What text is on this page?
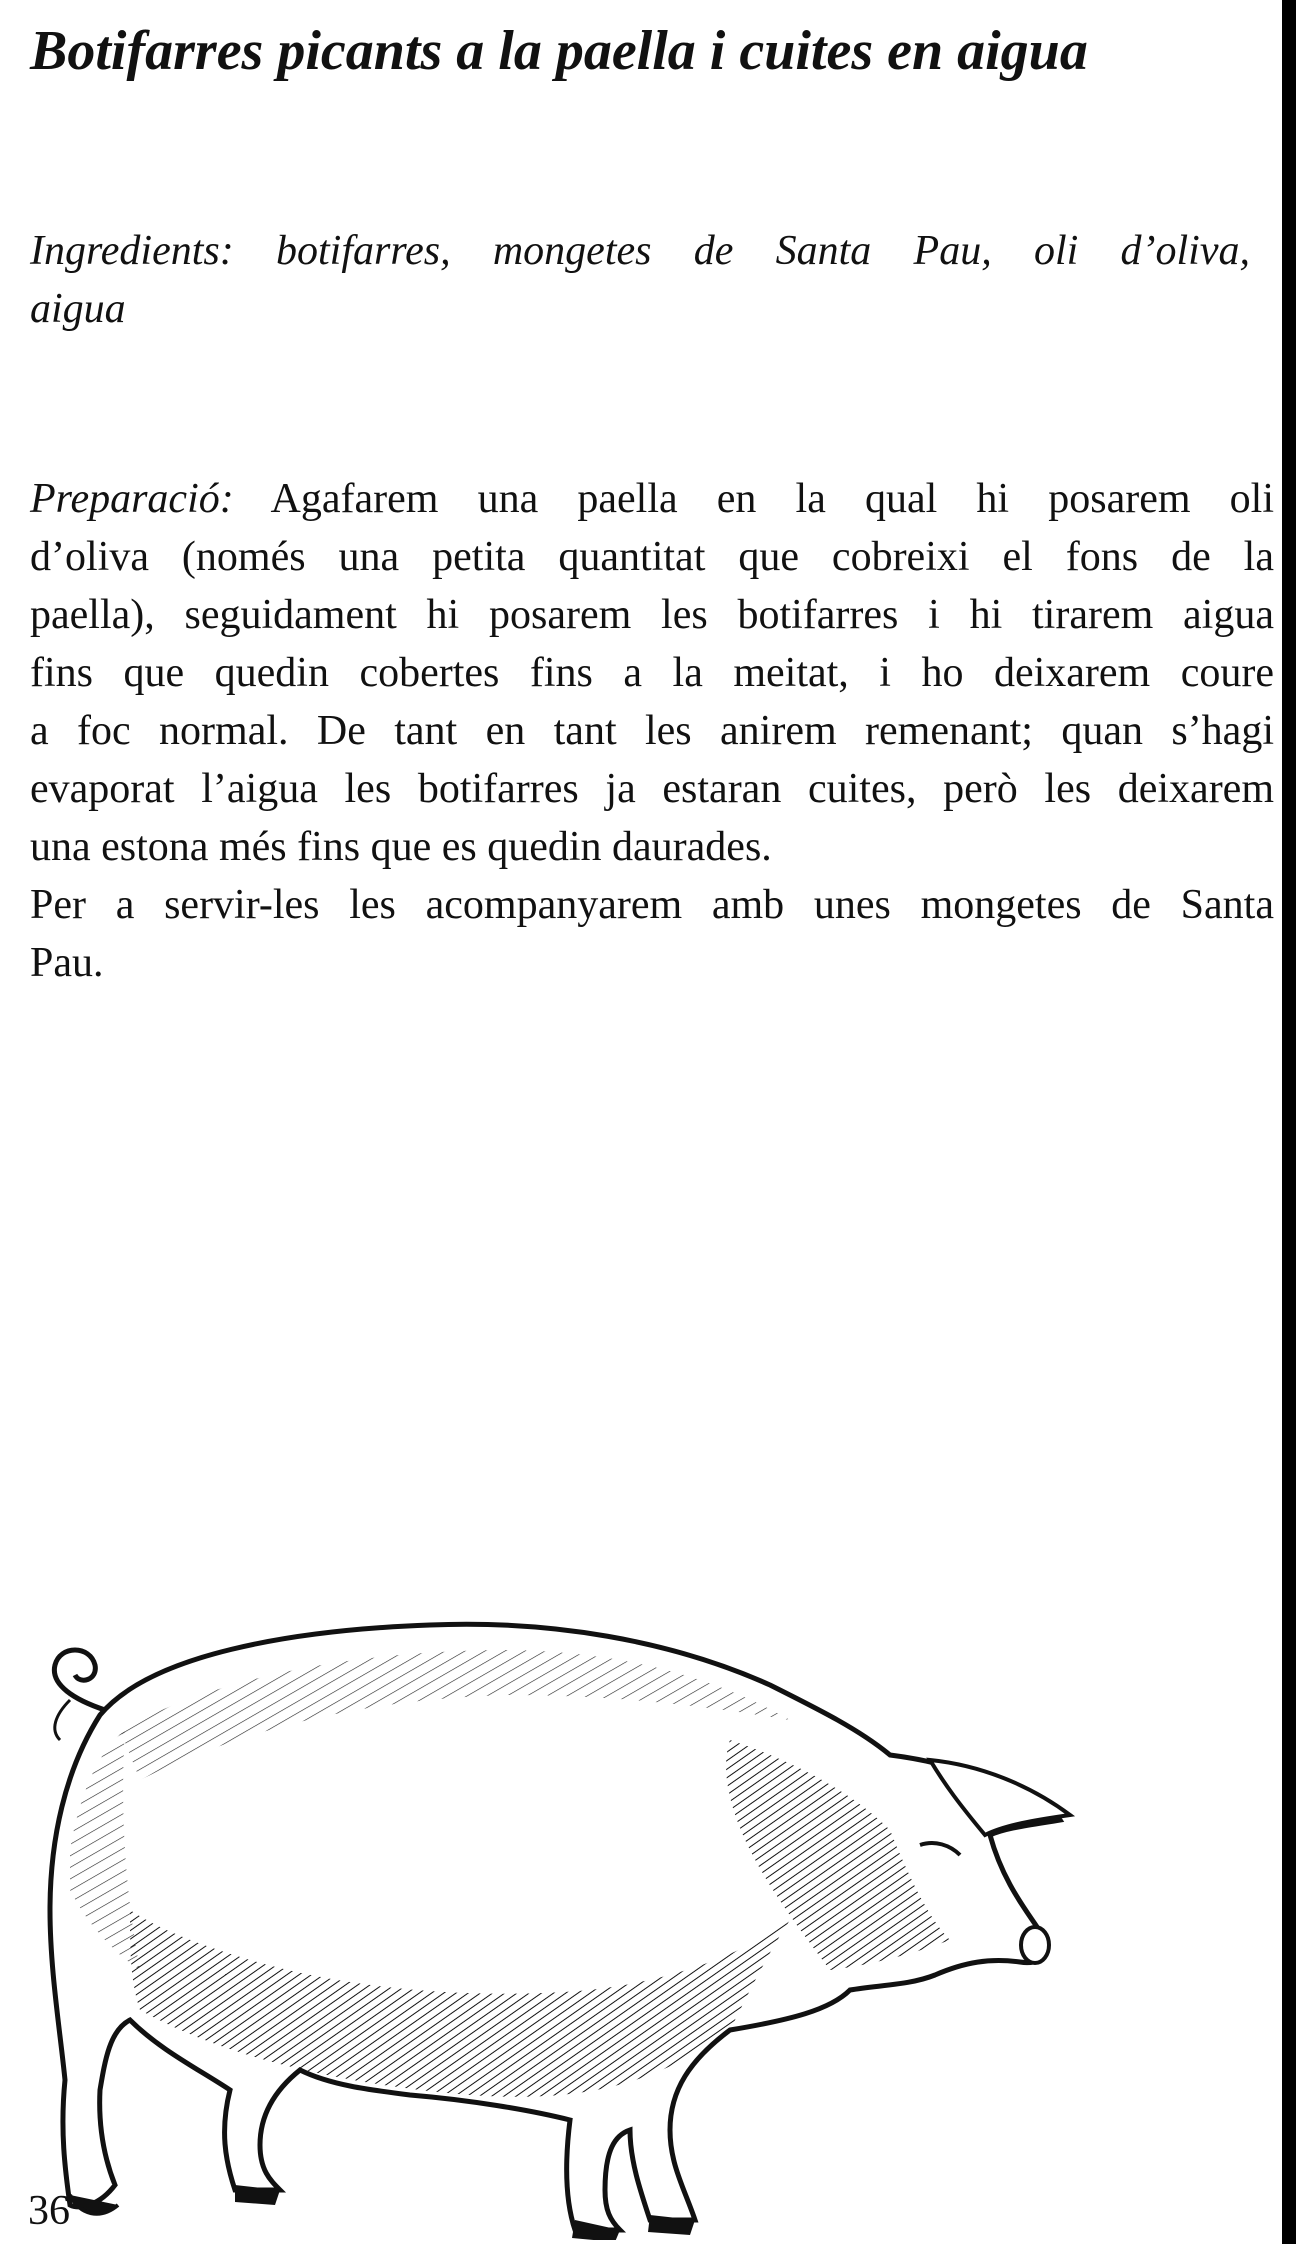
Botifarres picants a la paella i cuites en aigua

Ingredients: botifarres, mongetes de Santa Pau, oli d’oliva,
aigua

Preparació: Agafarem una paella en la qual hi posarem oli
d’oliva (només una petita quantitat que cobreixi el fons de la
paella), seguidament hi posarem les botifarres i hi tirarem aigua
fins que quedin cobertes fins a la meitat, i ho deixarem coure
a foc normal. De tant en tant les anirem remenant; quan s’hagi
evaporat l’aigua les botifarres ja estaran cuites, però les deixarem
una estona més fins que es quedin daurades.
Per a servir-les les acompanyarem amb unes mongetes de Santa
Pau.

36
